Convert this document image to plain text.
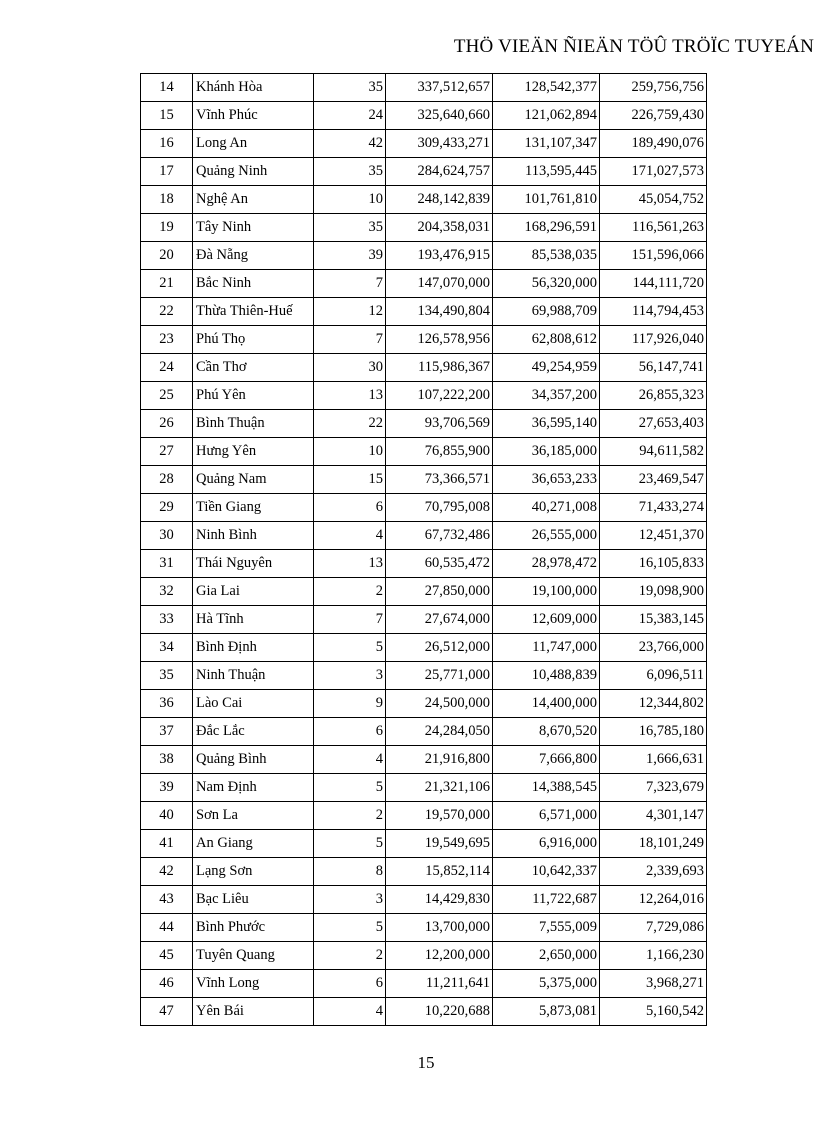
THÖ VIEÄN ÑIEÄN TÖÛ TRÖÏC TUYEÁN
14	Khánh Hòa	35	337,512,657	128,542,377	259,756,756
15	Vĩnh Phúc	24	325,640,660	121,062,894	226,759,430
16	Long An	42	309,433,271	131,107,347	189,490,076
17	Quảng Ninh	35	284,624,757	113,595,445	171,027,573
18	Nghệ An	10	248,142,839	101,761,810	45,054,752
19	Tây Ninh	35	204,358,031	168,296,591	116,561,263
20	Đà Nẵng	39	193,476,915	85,538,035	151,596,066
21	Bắc Ninh	7	147,070,000	56,320,000	144,111,720
22	Thừa Thiên-Huế	12	134,490,804	69,988,709	114,794,453
23	Phú Thọ	7	126,578,956	62,808,612	117,926,040
24	Cần Thơ	30	115,986,367	49,254,959	56,147,741
25	Phú Yên	13	107,222,200	34,357,200	26,855,323
26	Bình Thuận	22	93,706,569	36,595,140	27,653,403
27	Hưng Yên	10	76,855,900	36,185,000	94,611,582
28	Quảng Nam	15	73,366,571	36,653,233	23,469,547
29	Tiền Giang	6	70,795,008	40,271,008	71,433,274
30	Ninh Bình	4	67,732,486	26,555,000	12,451,370
31	Thái Nguyên	13	60,535,472	28,978,472	16,105,833
32	Gia Lai	2	27,850,000	19,100,000	19,098,900
33	Hà Tĩnh	7	27,674,000	12,609,000	15,383,145
34	Bình Định	5	26,512,000	11,747,000	23,766,000
35	Ninh Thuận	3	25,771,000	10,488,839	6,096,511
36	Lào Cai	9	24,500,000	14,400,000	12,344,802
37	Đắc Lắc	6	24,284,050	8,670,520	16,785,180
38	Quảng Bình	4	21,916,800	7,666,800	1,666,631
39	Nam Định	5	21,321,106	14,388,545	7,323,679
40	Sơn La	2	19,570,000	6,571,000	4,301,147
41	An Giang	5	19,549,695	6,916,000	18,101,249
42	Lạng Sơn	8	15,852,114	10,642,337	2,339,693
43	Bạc Liêu	3	14,429,830	11,722,687	12,264,016
44	Bình Phước	5	13,700,000	7,555,009	7,729,086
45	Tuyên Quang	2	12,200,000	2,650,000	1,166,230
46	Vĩnh Long	6	11,211,641	5,375,000	3,968,271
47	Yên Bái	4	10,220,688	5,873,081	5,160,542
15
